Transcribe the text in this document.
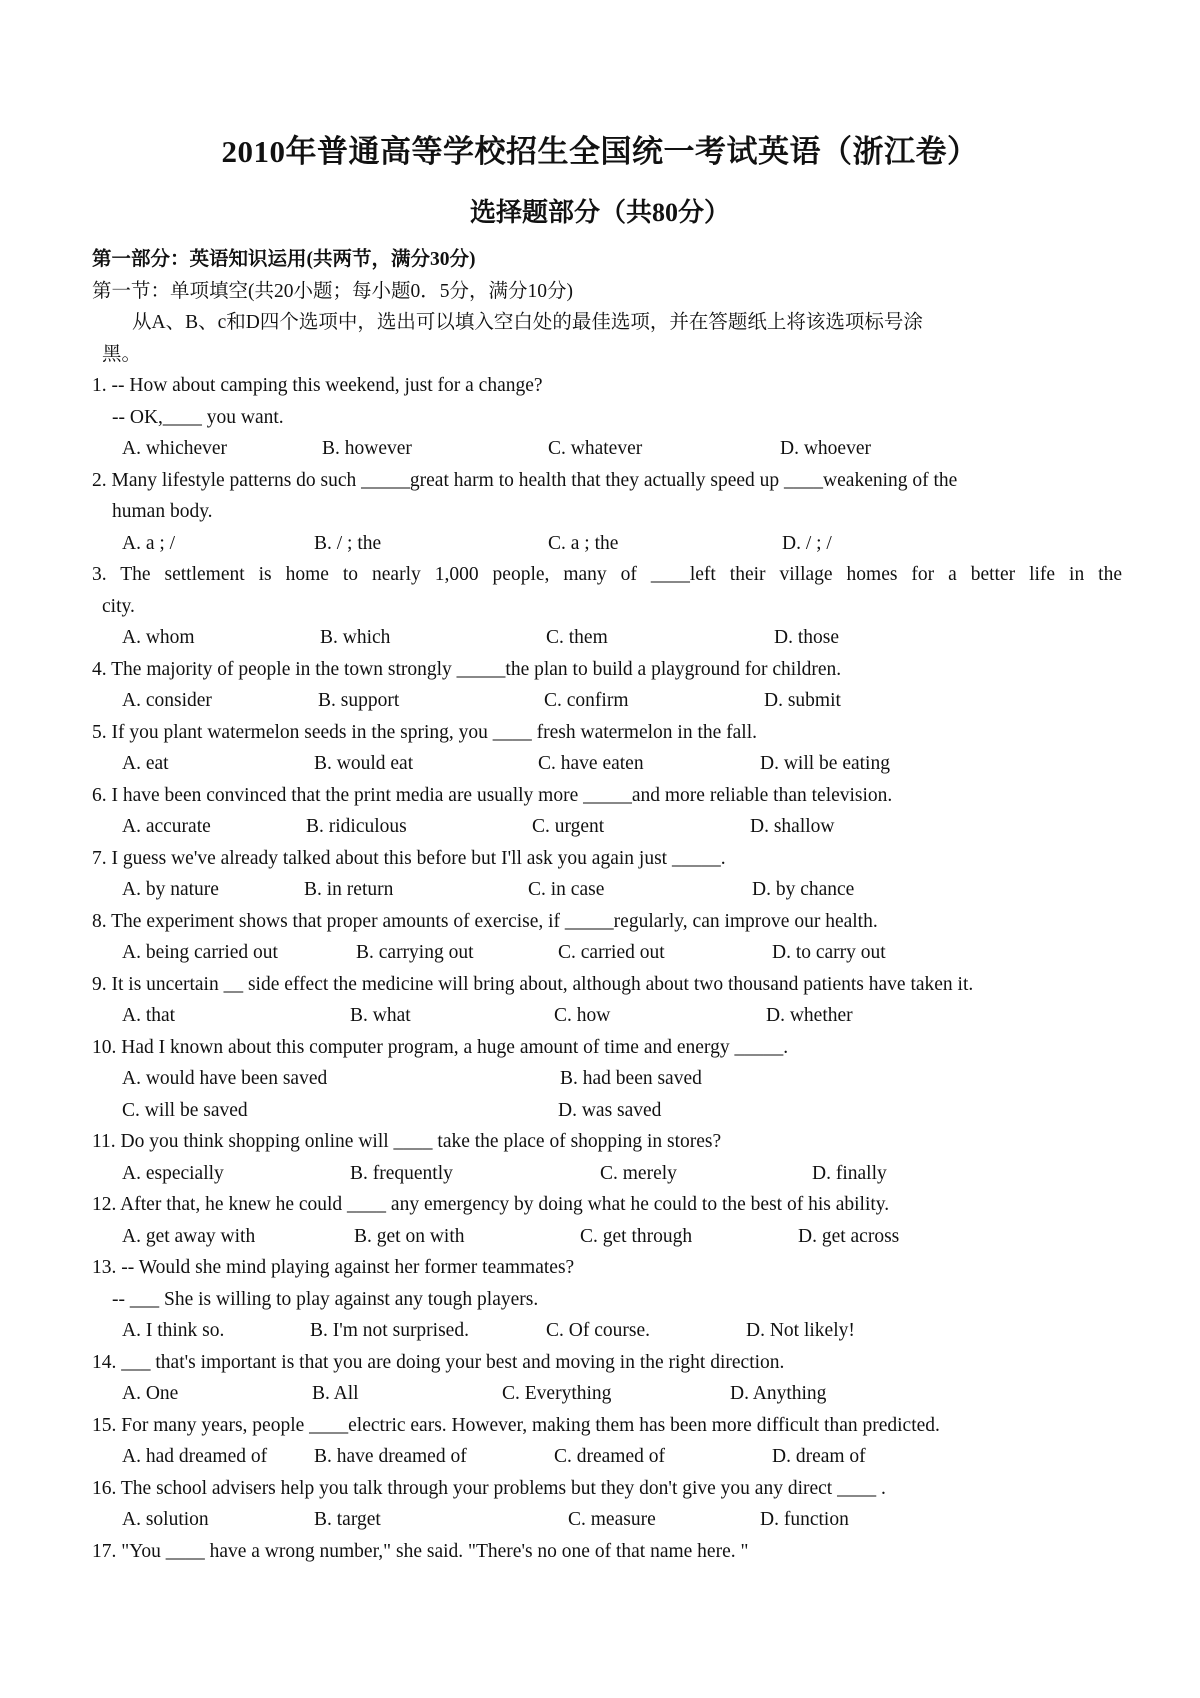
2010年普通高等学校招生全国统一考试英语（浙江卷）
选择题部分（共80分）
第一部分：英语知识运用(共两节，满分30分)
第一节：单项填空(共20小题；每小题0．5分，满分10分)
从A、B、c和D四个选项中，选出可以填入空白处的最佳选项，并在答题纸上将该选项标号涂
黑。
1. -- How about camping this weekend, just for a change?
-- OK,____ you want.
A. whichever	B. however	C. whatever	D. whoever
2. Many lifestyle patterns do such _____great harm to health that they actually speed up ____weakening of the
human body.
A. a ; /	B. / ; the	C. a ; the	D. / ; /
3. The settlement is home to nearly 1,000 people, many of ____left their village homes for a better life in the
city.
A. whom	B. which	C. them	D. those
4. The majority of people in the town strongly _____the plan to build a playground for children.
A. consider	B. support	C. confirm	D. submit
5. If you plant watermelon seeds in the spring, you ____ fresh watermelon in the fall.
A. eat	B. would eat	C. have eaten	D. will be eating
6. I have been convinced that the print media are usually more _____and more reliable than television.
A. accurate	B. ridiculous	C. urgent	D. shallow
7. I guess we've already talked about this before but I'll ask you again just _____.
A. by nature	B. in return	C. in case	D. by chance
8. The experiment shows that proper amounts of exercise, if _____regularly, can improve our health.
A. being carried out	B. carrying out	C. carried out	D. to carry out
9. It is uncertain __ side effect the medicine will bring about, although about two thousand patients have taken it.
A. that	B. what	C. how	D. whether
10. Had I known about this computer program, a huge amount of time and energy _____.
A. would have been saved	B. had been saved
C. will be saved	D. was saved
11. Do you think shopping online will ____ take the place of shopping in stores?
A. especially	B. frequently	C. merely	D. finally
12. After that, he knew he could ____ any emergency by doing what he could to the best of his ability.
A. get away with	B. get on with	C. get through	D. get across
13. -- Would she mind playing against her former teammates?
-- ___ She is willing to play against any tough players.
A. I think so.	B. I'm not surprised.	C. Of course.	D. Not likely!
14. ___ that's important is that you are doing your best and moving in the right direction.
A. One	B. All	C. Everything	D. Anything
15. For many years, people ____electric ears. However, making them has been more difficult than predicted.
A. had dreamed of B. have dreamed of	C. dreamed of	D. dream of
16. The school advisers help you talk through your problems but they don't give you any direct ____ .
A. solution	B. target	C. measure	D. function
17. "You ____ have a wrong number," she said. "There's no one of that name here. "
